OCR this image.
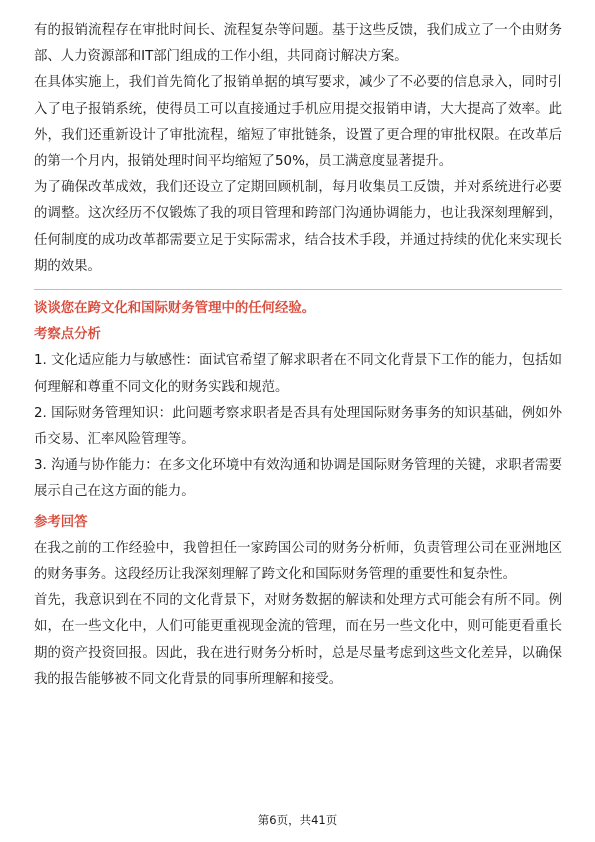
有的报销流程存在审批时间长、流程复杂等问题。基于这些反馈，我们成立了一个由财务部、人力资源部和IT部门组成的工作小组，共同商讨解决方案。

在具体实施上，我们首先简化了报销单据的填写要求，减少了不必要的信息录入，同时引入了电子报销系统，使得员工可以直接通过手机应用提交报销申请，大大提高了效率。此外，我们还重新设计了审批流程，缩短了审批链条，设置了更合理的审批权限。在改革后的第一个月内，报销处理时间平均缩短了50%，员工满意度显著提升。

为了确保改革成效，我们还设立了定期回顾机制，每月收集员工反馈，并对系统进行必要的调整。这次经历不仅锻炼了我的项目管理和跨部门沟通协调能力，也让我深刻理解到，任何制度的成功改革都需要立足于实际需求，结合技术手段，并通过持续的优化来实现长期的效果。

谈谈您在跨文化和国际财务管理中的任何经验。

考察点分析

1. 文化适应能力与敏感性：面试官希望了解求职者在不同文化背景下工作的能力，包括如何理解和尊重不同文化的财务实践和规范。

2. 国际财务管理知识：此问题考察求职者是否具有处理国际财务事务的知识基础，例如外币交易、汇率风险管理等。

3. 沟通与协作能力：在多文化环境中有效沟通和协调是国际财务管理的关键，求职者需要展示自己在这方面的能力。

参考回答

在我之前的工作经验中，我曾担任一家跨国公司的财务分析师，负责管理公司在亚洲地区的财务事务。这段经历让我深刻理解了跨文化和国际财务管理的重要性和复杂性。

首先，我意识到在不同的文化背景下，对财务数据的解读和处理方式可能会有所不同。例如，在一些文化中，人们可能更重视现金流的管理，而在另一些文化中，则可能更看重长期的资产投资回报。因此，我在进行财务分析时，总是尽量考虑到这些文化差异，以确保我的报告能够被不同文化背景的同事所理解和接受。

第6页，共41页
